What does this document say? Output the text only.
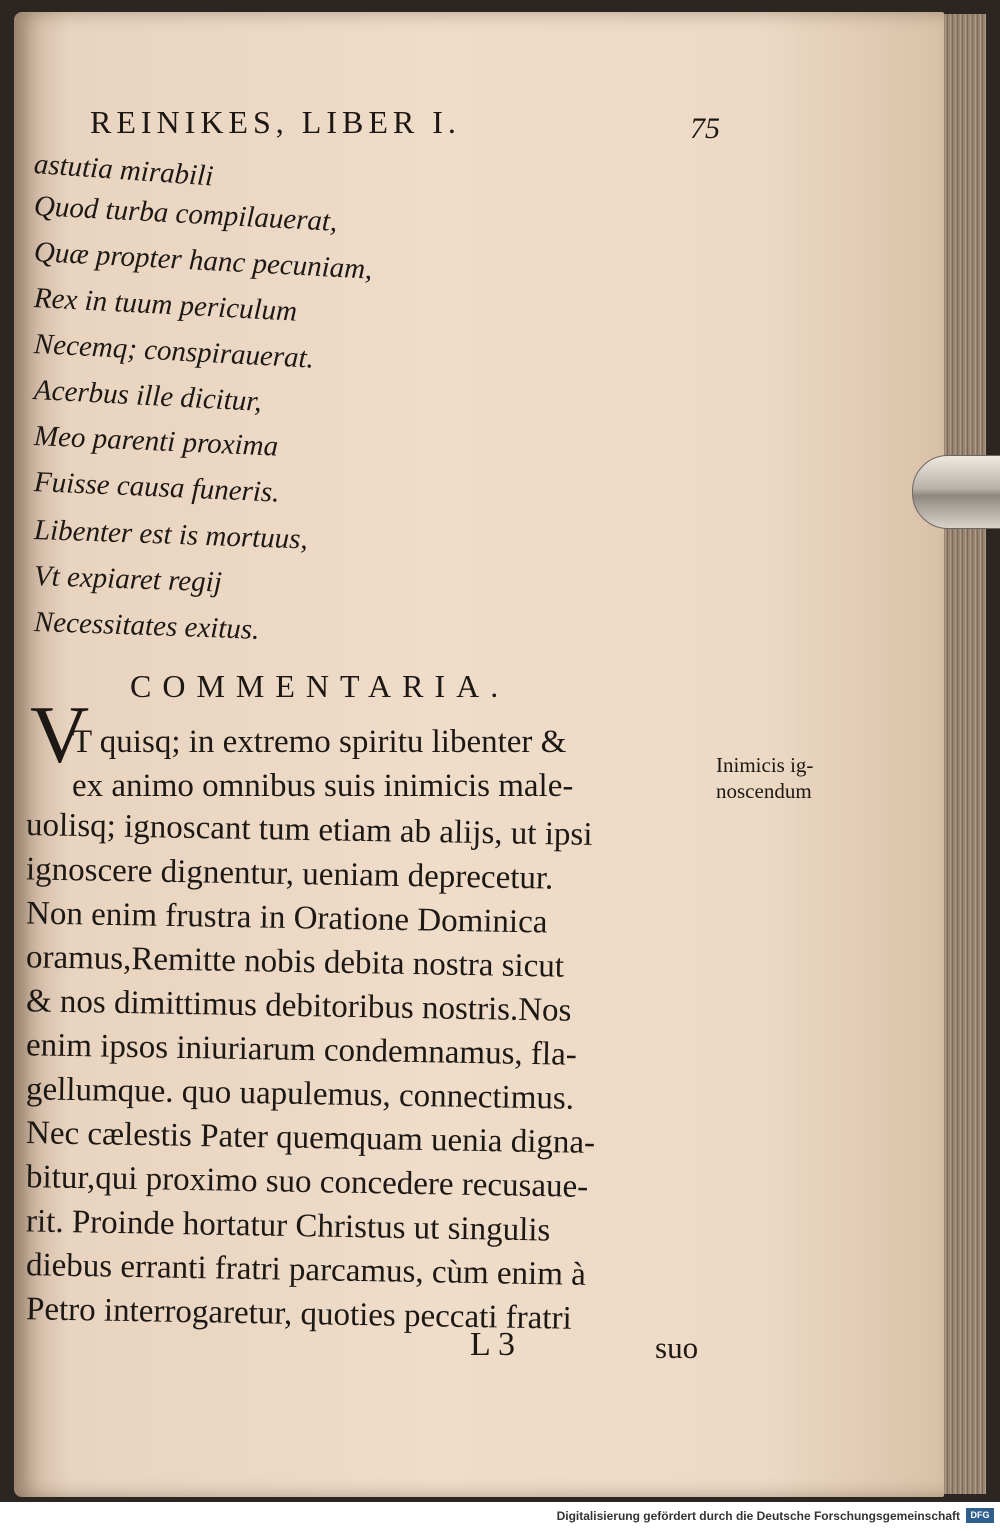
REINIKES, LIBER I.	75
astutia mirabili
Quod turba compilauerat,
Quæ propter hanc pecuniam,
Rex in tuum periculum
Necemq; conspirauerat.
Acerbus ille dicitur,
Meo parenti proxima
Fuisse causa funeris.
Libenter est is mortuus,
Vt expiaret regij
Necessitates exitus.
COMMENTARIA.
V
T quisq; in extremo spiritu libenter &
ex animo omnibus suis inimicis male-
uolisq; ignoscant tum etiam ab alijs, ut ipsi
ignoscere dignentur, ueniam deprecetur.
Non enim frustra in Oratione Dominica
oramus,Remitte nobis debita nostra sicut
& nos dimittimus debitoribus nostris.Nos
enim ipsos iniuriarum condemnamus, fla-
gellumque. quo uapulemus, connectimus.
Nec cælestis Pater quemquam uenia digna-
bitur,qui proximo suo concedere recusaue-
rit. Proinde hortatur Christus ut singulis
diebus erranti fratri parcamus, cùm enim à
Petro interrogaretur, quoties peccati fratri
Inimicis ig-
noscendum
L 3	suo
Digitalisierung gefördert durch die Deutsche Forschungsgemeinschaft	DFG
